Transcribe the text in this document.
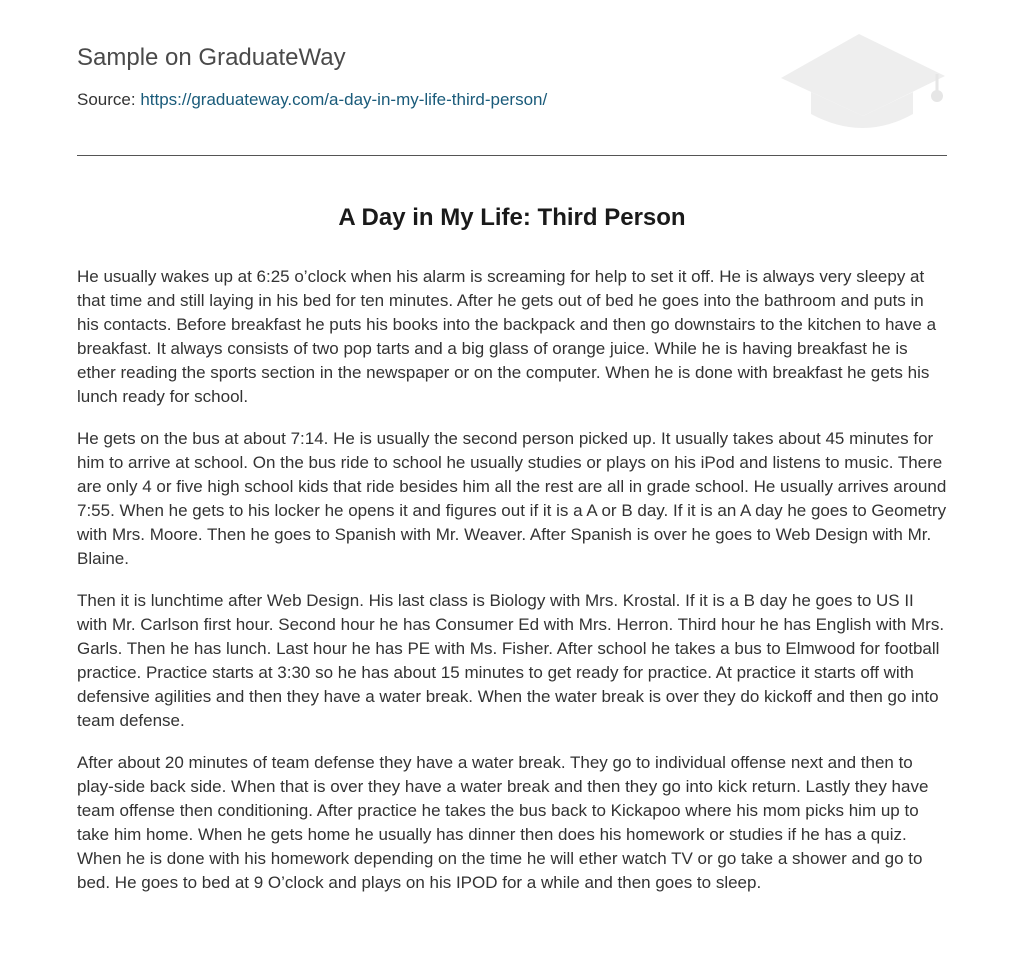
Sample on GraduateWay
Source: https://graduateway.com/a-day-in-my-life-third-person/
A Day in My Life: Third Person

He usually wakes up at 6:25 o’clock when his alarm is screaming for help to set it off. He is always very sleepy at that time and still laying in his bed for ten minutes. After he gets out of bed he goes into the bathroom and puts in his contacts. Before breakfast he puts his books into the backpack and then go downstairs to the kitchen to have a breakfast. It always consists of two pop tarts and a big glass of orange juice. While he is having breakfast he is ether reading the sports section in the newspaper or on the computer. When he is done with breakfast he gets his lunch ready for school.

He gets on the bus at about 7:14. He is usually the second person picked up. It usually takes about 45 minutes for him to arrive at school. On the bus ride to school he usually studies or plays on his iPod and listens to music. There are only 4 or five high school kids that ride besides him all the rest are all in grade school. He usually arrives around 7:55. When he gets to his locker he opens it and figures out if it is a A or B day. If it is an A day he goes to Geometry with Mrs. Moore. Then he goes to Spanish with Mr. Weaver. After Spanish is over he goes to Web Design with Mr. Blaine.

Then it is lunchtime after Web Design. His last class is Biology with Mrs. Krostal. If it is a B day he goes to US II with Mr. Carlson first hour. Second hour he has Consumer Ed with Mrs. Herron. Third hour he has English with Mrs. Garls. Then he has lunch. Last hour he has PE with Ms. Fisher. After school he takes a bus to Elmwood for football practice. Practice starts at 3:30 so he has about 15 minutes to get ready for practice. At practice it starts off with defensive agilities and then they have a water break. When the water break is over they do kickoff and then go into team defense.

After about 20 minutes of team defense they have a water break. They go to individual offense next and then to play-side back side. When that is over they have a water break and then they go into kick return. Lastly they have team offense then conditioning. After practice he takes the bus back to Kickapoo where his mom picks him up to take him home. When he gets home he usually has dinner then does his homework or studies if he has a quiz. When he is done with his homework depending on the time he will ether watch TV or go take a shower and go to bed. He goes to bed at 9 O’clock and plays on his IPOD for a while and then goes to sleep.
